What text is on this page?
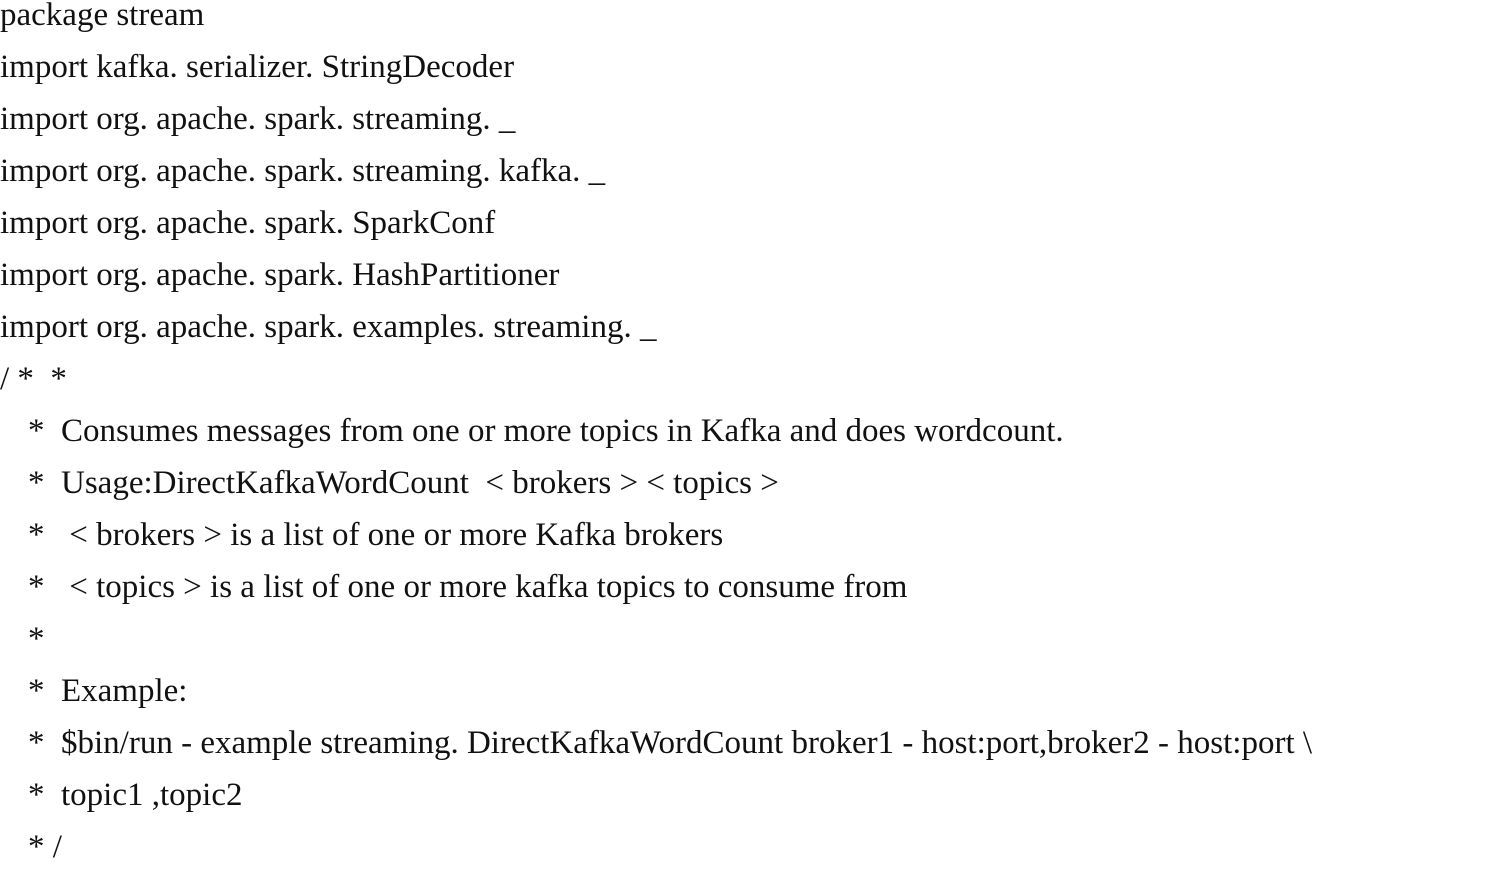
package stream
import kafka. serializer. StringDecoder
import org. apache. spark. streaming. _
import org. apache. spark. streaming. kafka. _
import org. apache. spark. SparkConf
import org. apache. spark. HashPartitioner
import org. apache. spark. examples. streaming. _
/ *  *
*  Consumes messages from one or more topics in Kafka and does wordcount.
*  Usage:DirectKafkaWordCount  < brokers > < topics >
*   < brokers > is a list of one or more Kafka brokers
*   < topics > is a list of one or more kafka topics to consume from
*
*  Example:
*  $bin/run - example streaming. DirectKafkaWordCount broker1 - host:port,broker2 - host:port \
*  topic1 ,topic2
* /
